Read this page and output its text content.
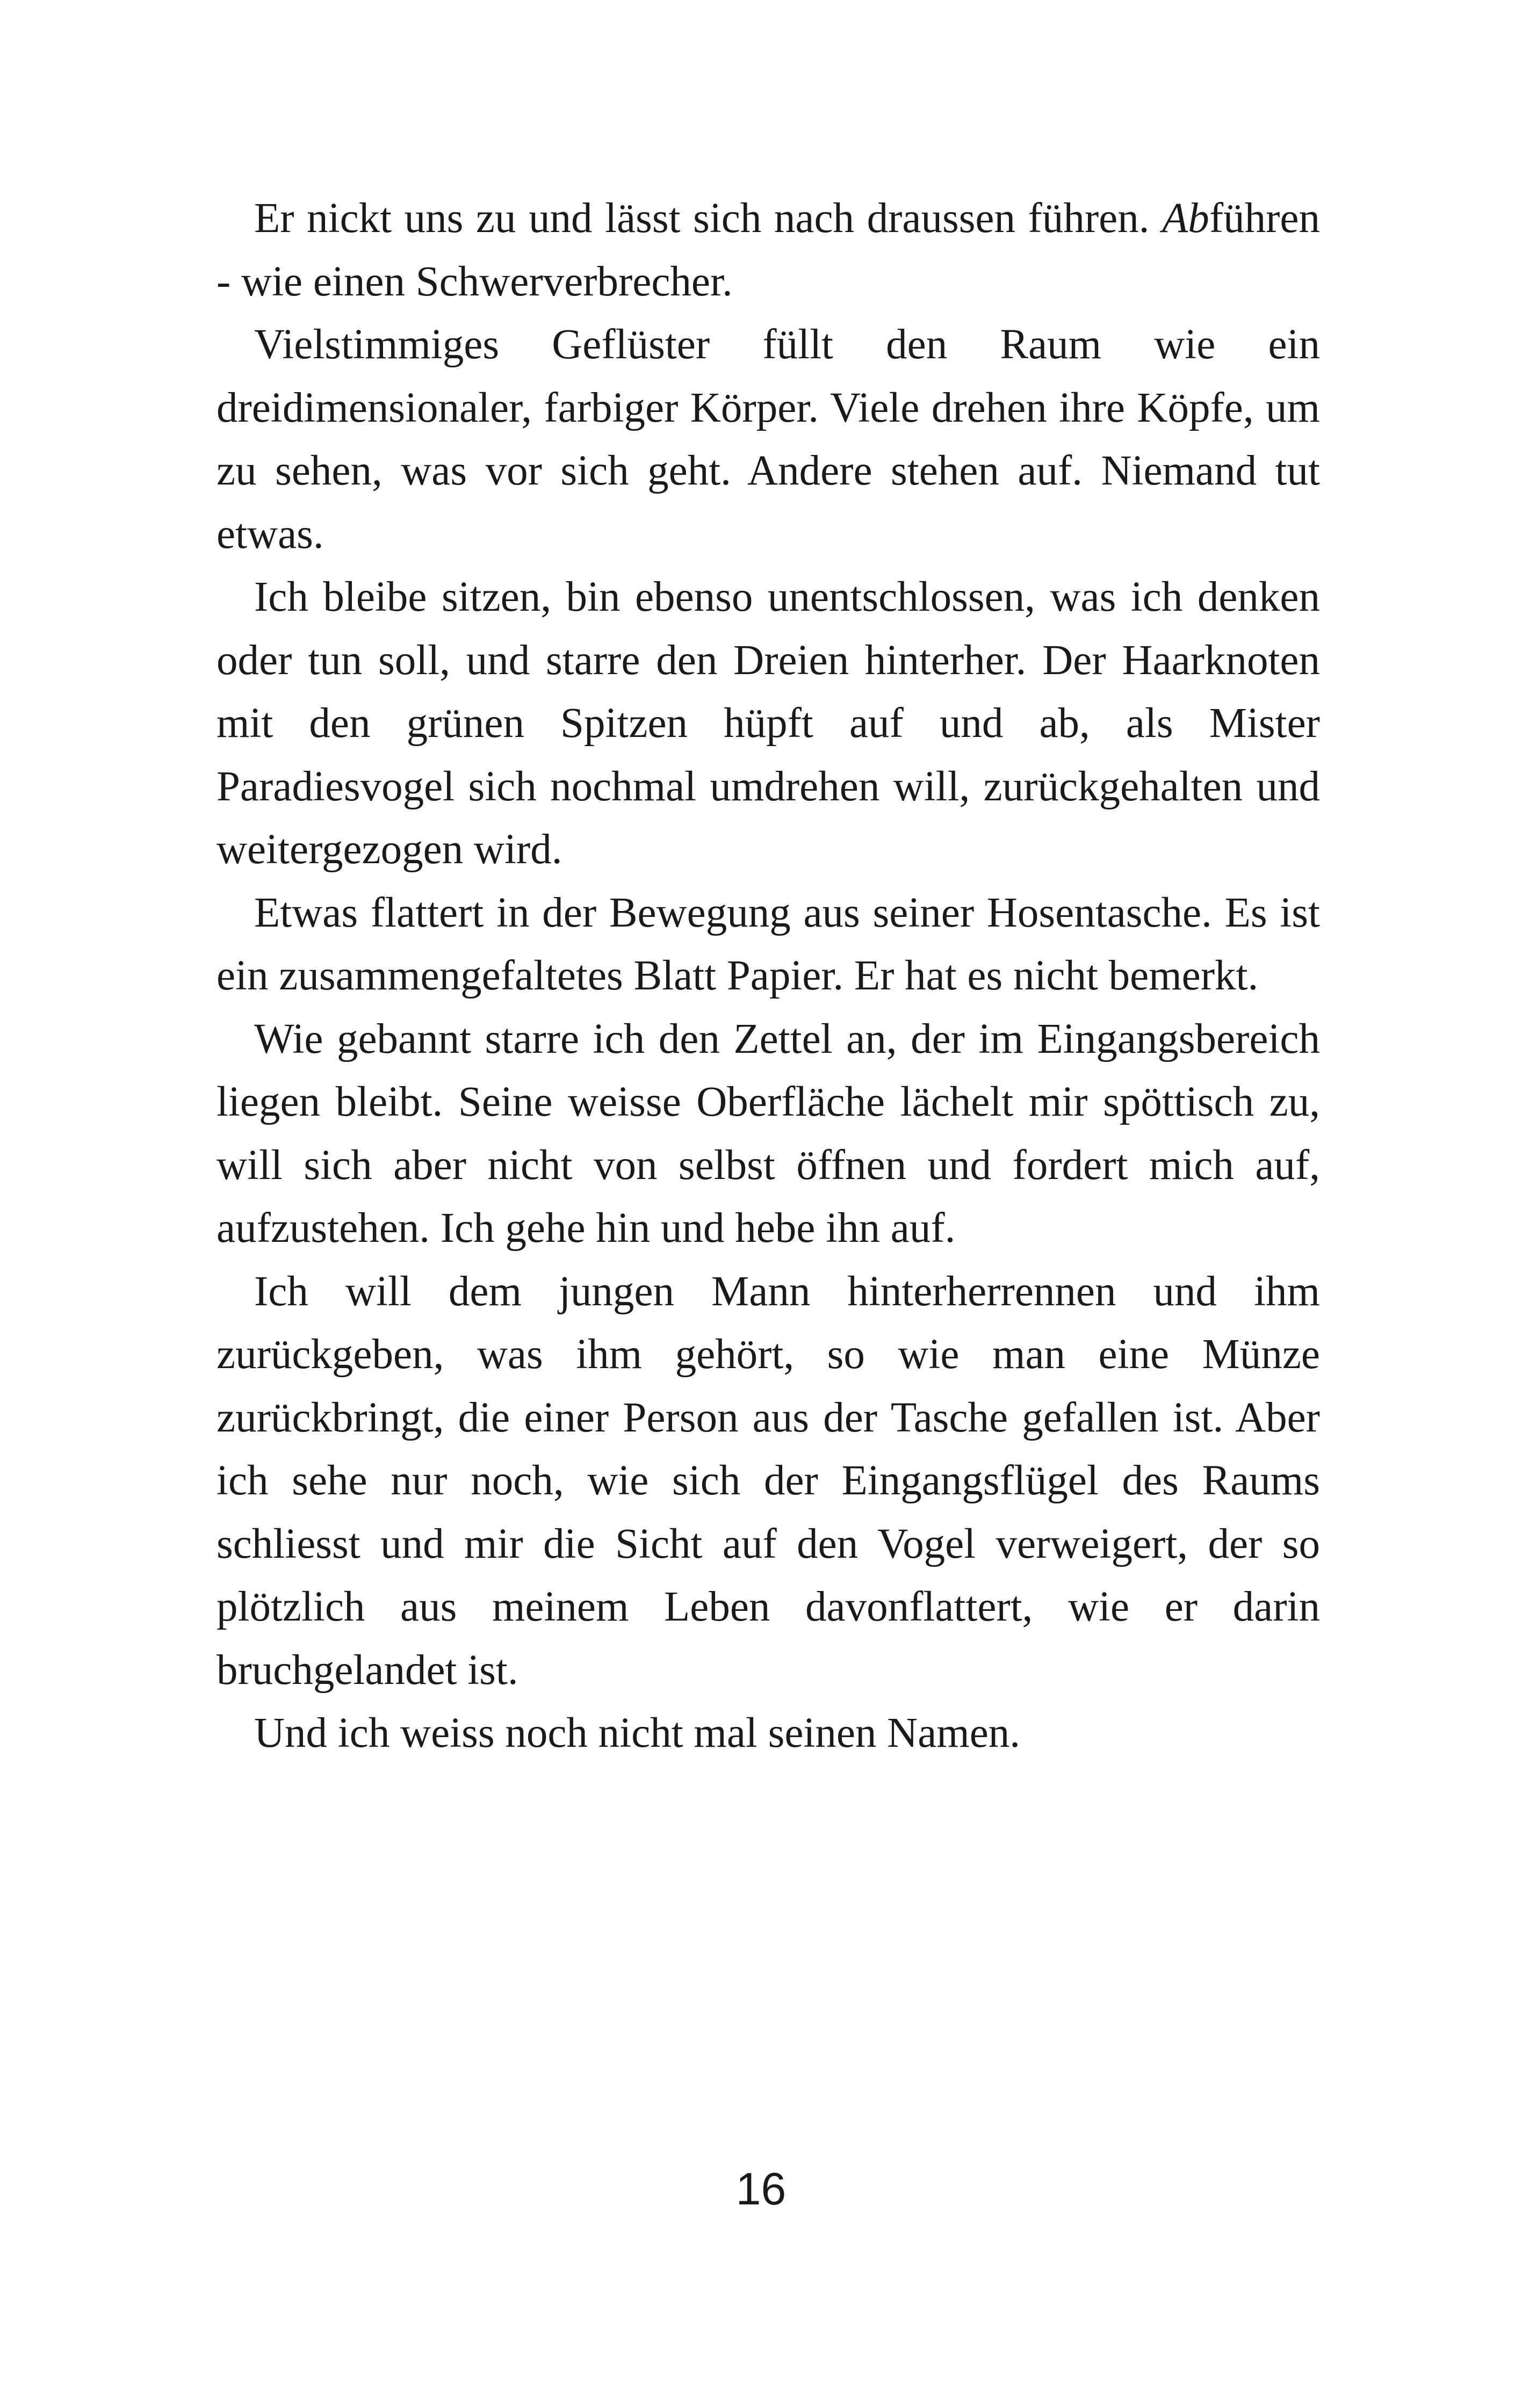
Er nickt uns zu und lässt sich nach draussen führen. Abführen - wie einen Schwerverbrecher.

Vielstimmiges Geflüster füllt den Raum wie ein dreidimensionaler, farbiger Körper. Viele drehen ihre Köpfe, um zu sehen, was vor sich geht. Andere stehen auf. Niemand tut etwas.

Ich bleibe sitzen, bin ebenso unentschlossen, was ich denken oder tun soll, und starre den Dreien hinterher. Der Haarknoten mit den grünen Spitzen hüpft auf und ab, als Mister Paradiesvogel sich nochmal umdrehen will, zurückgehalten und weitergezogen wird.

Etwas flattert in der Bewegung aus seiner Hosentasche. Es ist ein zusammengefaltetes Blatt Papier. Er hat es nicht bemerkt.

Wie gebannt starre ich den Zettel an, der im Eingangsbereich liegen bleibt. Seine weisse Oberfläche lächelt mir spöttisch zu, will sich aber nicht von selbst öffnen und fordert mich auf, aufzustehen. Ich gehe hin und hebe ihn auf.

Ich will dem jungen Mann hinterherrennen und ihm zurückgeben, was ihm gehört, so wie man eine Münze zurückbringt, die einer Person aus der Tasche gefallen ist. Aber ich sehe nur noch, wie sich der Eingangsflügel des Raums schliesst und mir die Sicht auf den Vogel verweigert, der so plötzlich aus meinem Leben davonflattert, wie er darin bruchgelandet ist.

Und ich weiss noch nicht mal seinen Namen.

16
